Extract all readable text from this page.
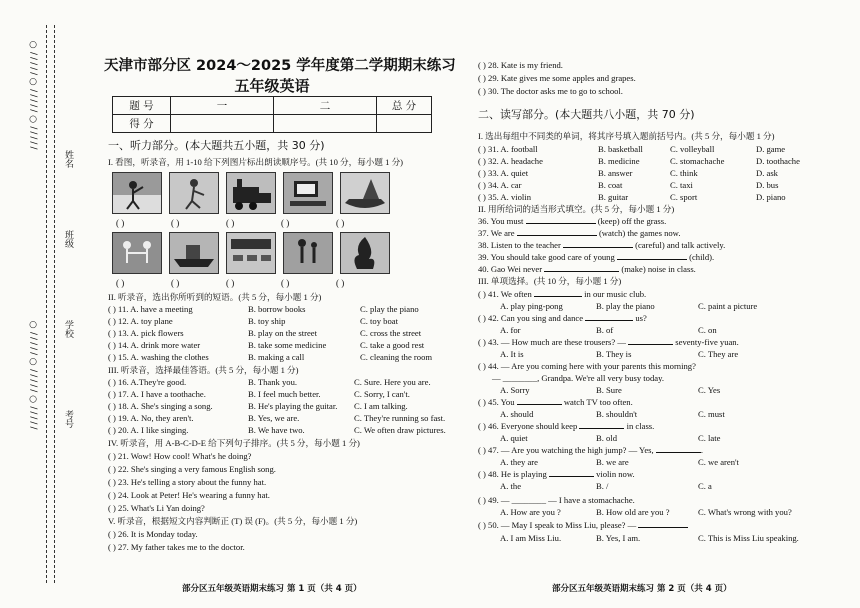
姓名
班级
学校
考号
○/////○/////○/////
○/////○/////○/////
天津市部分区 2024～2025 学年度第二学期期末练习
五年级英语
题 号	一	二	总 分
得 分			
一、听力部分。(本大题共五小题，共 30 分)
I. 看图，听录音，用 1-10 给下列图片标出朗读顺序号。(共 10 分，每小题 1 分)
( )	( )	( )	( )	( )
( )	( )	( )	( )	( )
II. 听录音，选出你所听到的短语。(共 5 分，每小题 1 分)
( ) 11. A. have a meeting	B. borrow books	C. play the piano
( ) 12. A. toy plane	B. toy ship	C. toy boat
( ) 13. A. pick flowers	B. play on the street	C. cross the street
( ) 14. A. drink more water	B. take some medicine	C. take a good rest
( ) 15. A. washing the clothes	B. making a call	C. cleaning the room
III. 听录音，选择最佳答语。(共 5 分，每小题 1 分)
( ) 16. A.They're good.	B. Thank you.	C. Sure. Here you are.
( ) 17. A. I have a toothache.	B. I feel much better.	C. Sorry, I can't.
( ) 18. A. She's singing a song.	B. He's playing the guitar. C. I am talking.
( ) 19. A. No, they aren't.	B. Yes, we are.	C. They're running so fast.
( ) 20. A. I like singing.	B. We have two.	C. We often draw pictures.
IV. 听录音，用 A-B-C-D-E 给下列句子排序。(共 5 分，每小题 1 分)
( ) 21. Wow! How cool! What's he doing?
( ) 22. She's singing a very famous English song.
( ) 23. He's telling a story about the funny hat.
( ) 24. Look at Peter! He's wearing a funny hat.
( ) 25. What's Li Yan doing?
V. 听录音，根据短文内容判断正 (T) 误 (F)。(共 5 分，每小题 1 分)
( ) 26. It is Monday today.
( ) 27. My father takes me to the doctor.
部分区五年级英语期末练习 第 1 页（共 4 页）
( ) 28. Kate is my friend.
( ) 29. Kate gives me some apples and grapes.
( ) 30. The doctor asks me to go to school.
二、读写部分。(本大题共八小题，共 70 分)
I. 选出每组中不同类的单词，将其序号填入题前括号内。(共 5 分，每小题 1 分)
( ) 31. A. football	B. basketball	C. volleyball	D. game
( ) 32. A. headache	B. medicine	C. stomachache	D. toothache
( ) 33. A. quiet	B. answer	C. think	D. ask
( ) 34. A. car	B. coat	C. taxi	D. bus
( ) 35. A. violin	B. guitar	C. sport	D. piano
II. 用所给词的适当形式填空。(共 5 分，每小题 1 分)
36. You must	(keep) off the grass.
37. We are	(watch) the games now.
38. Listen to the teacher	(careful) and talk actively.
39. You should take good care of young	(child).
40. Gao Wei never	(make) noise in class.
III. 单项选择。(共 10 分，每小题 1 分)
( ) 41. We often	in our music club.
A. play ping-pong	B. play the piano	C. paint a picture
( ) 42. Can you sing and dance	us?
A. for	B. of	C. on
( ) 43. — How much are these trousers? —	seventy-five yuan.
A. It is	B. They is	C. They are
( ) 44. — Are you coming here with your parents this morning?
— ________, Grandpa. We're all very busy today.
A. Sorry	B. Sure	C. Yes
( ) 45. You	watch TV too often.
A. should	B. shouldn't	C. must
( ) 46. Everyone should keep	in class.
A. quiet	B. old	C. late
( ) 47. — Are you watching the high jump? — Yes,	.
A. they are	B. we are	C. we aren't
( ) 48. He is playing	violin now.
A. the	B. /	C. a
( ) 49. — ________ — I have a stomachache.
A. How are you ?	B. How old are you ?	C. What's wrong with you?
( ) 50. — May I speak to Miss Liu, please? —
A. I am Miss Liu.	B. Yes, I am.	C. This is Miss Liu speaking.
部分区五年级英语期末练习 第 2 页（共 4 页）
